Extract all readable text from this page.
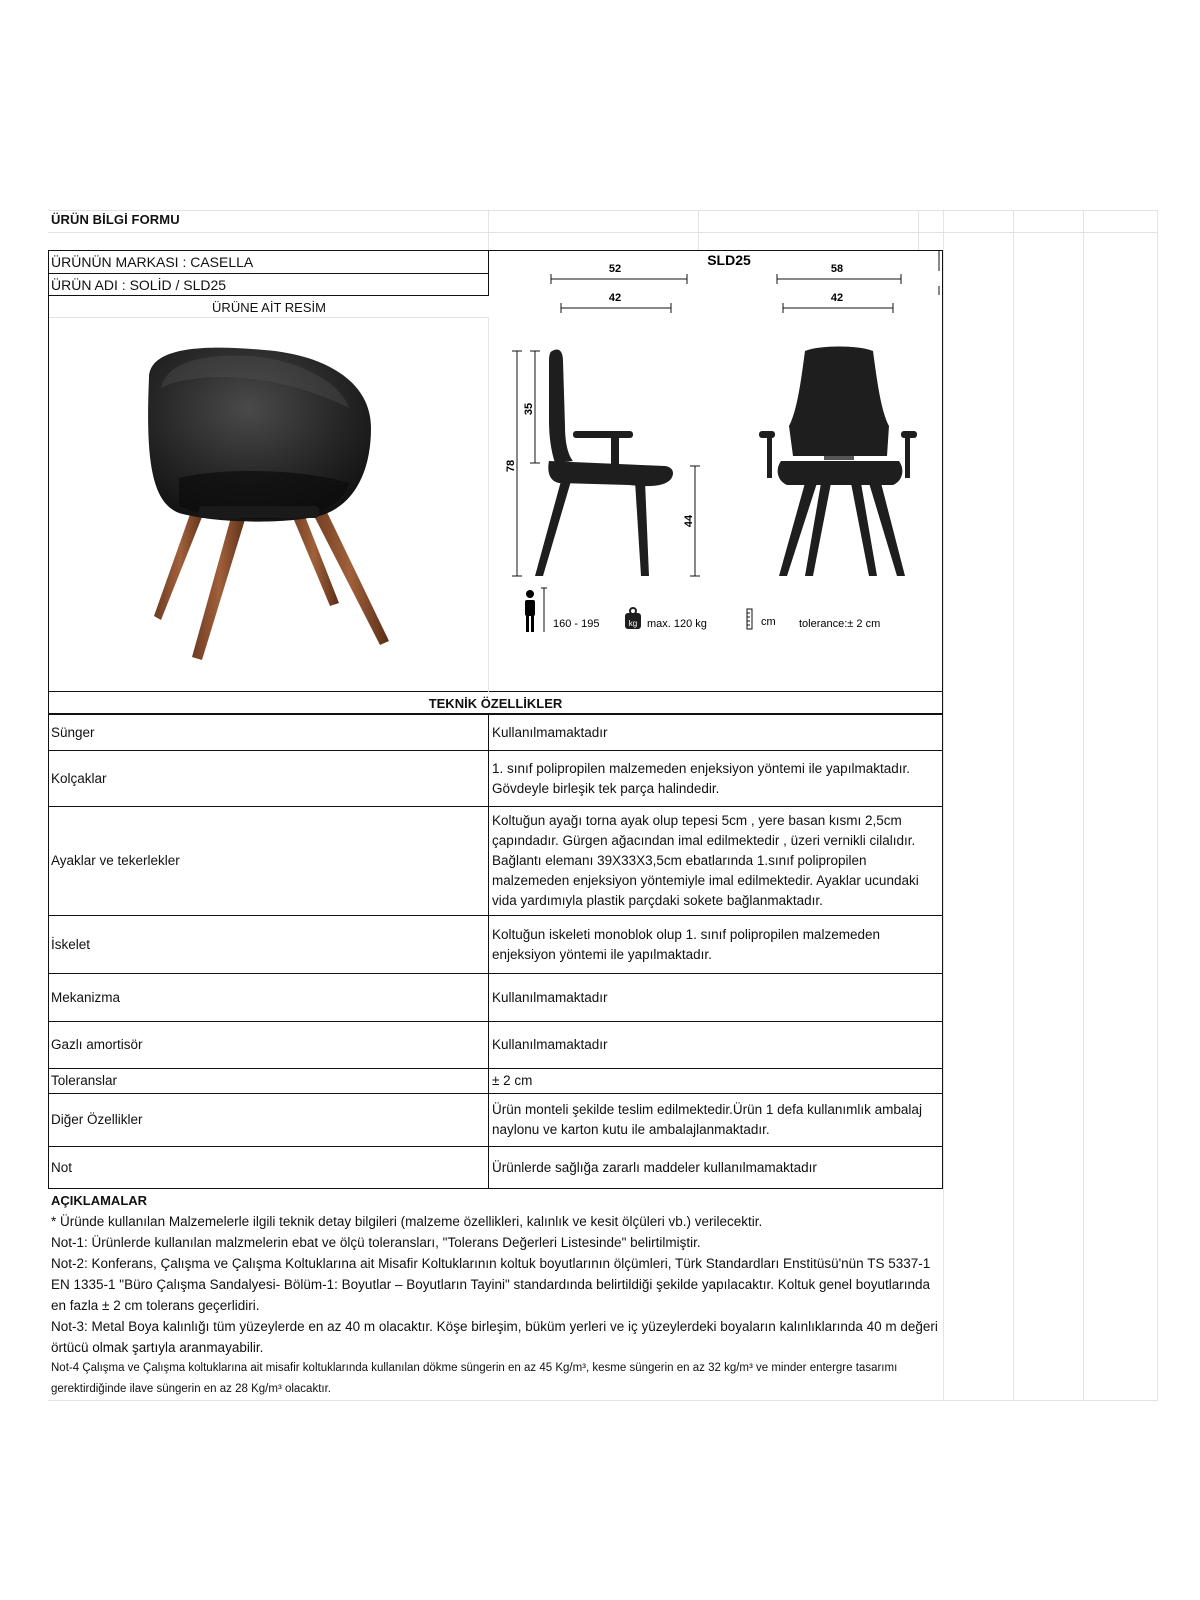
ÜRÜN BİLGİ FORMU
ÜRÜNÜN MARKASI : CASELLA
ÜRÜN ADI : SOLİD / SLD25
ÜRÜNE AİT RESİM
SLD25
52
42
58
42
78
35
44
160 - 195	kg max. 120 kg	cm tolerance:± 2 cm
TEKNİK ÖZELLİKLER
Sünger	Kullanılmamaktadır
Kolçaklar	1. sınıf polipropilen malzemeden enjeksiyon yöntemi ile yapılmaktadır. Gövdeyle birleşik tek parça halindedir.
Ayaklar ve tekerlekler	Koltuğun ayağı torna ayak olup tepesi 5cm , yere basan kısmı 2,5cm çapındadır. Gürgen ağacından imal edilmektedir , üzeri vernikli cilalıdır. Bağlantı elemanı 39X33X3,5cm ebatlarında 1.sınıf polipropilen malzemeden enjeksiyon yöntemiyle imal edilmektedir. Ayaklar ucundaki vida yardımıyla plastik parçdaki sokete bağlanmaktadır.
İskelet	Koltuğun iskeleti monoblok olup 1. sınıf polipropilen malzemeden enjeksiyon yöntemi ile yapılmaktadır.
Mekanizma	Kullanılmamaktadır
Gazlı amortisör	Kullanılmamaktadır
Toleranslar	± 2 cm
Diğer Özellikler	Ürün monteli şekilde teslim edilmektedir.Ürün 1 defa kullanımlık ambalaj naylonu ve karton kutu ile ambalajlanmaktadır.
Not	Ürünlerde sağlığa zararlı maddeler kullanılmamaktadır
AÇIKLAMALAR
* Üründe kullanılan Malzemelerle ilgili teknik detay bilgileri (malzeme özellikleri, kalınlık ve kesit ölçüleri vb.) verilecektir.
Not-1: Ürünlerde kullanılan malzmelerin ebat ve ölçü toleransları, "Tolerans Değerleri Listesinde" belirtilmiştir.
Not-2: Konferans, Çalışma ve Çalışma Koltuklarına ait Misafir Koltuklarının koltuk boyutlarının ölçümleri, Türk Standardları Enstitüsü'nün TS 5337-1 EN 1335-1 "Büro Çalışma Sandalyesi- Bölüm-1: Boyutlar – Boyutların Tayini" standardında belirtildiği şekilde yapılacaktır. Koltuk genel boyutlarında en fazla ± 2 cm tolerans geçerlidiri.
Not-3: Metal Boya kalınlığı tüm yüzeylerde en az 40 m olacaktır. Köşe birleşim, büküm yerleri ve iç yüzeylerdeki boyaların kalınlıklarında 40 m değeri örtücü olmak şartıyla aranmayabilir.
Not-4 Çalışma ve Çalışma koltuklarına ait misafir koltuklarında kullanılan dökme süngerin en az 45 Kg/m³, kesme süngerin en az 32 kg/m³ ve minder entergre tasarımı gerektirdiğinde ilave süngerin en az 28 Kg/m³ olacaktır.
